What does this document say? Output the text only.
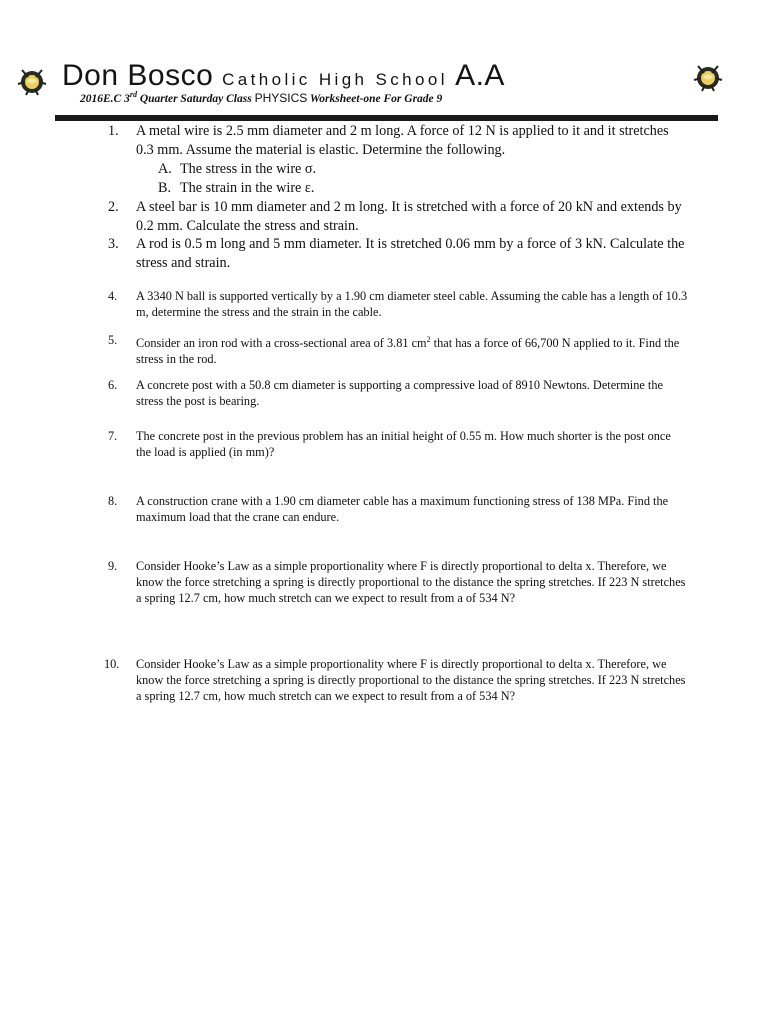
Don Bosco Catholic High School A.A
2016E.C 3rd Quarter Saturday Class PHYSICS Worksheet-one For Grade 9
1.	A metal wire is 2.5 mm diameter and 2 m long. A force of 12 N is applied to it and it stretches 0.3 mm. Assume the material is elastic. Determine the following.
A. The stress in the wire σ.
B. The strain in the wire ε.
2.	A steel bar is 10 mm diameter and 2 m long. It is stretched with a force of 20 kN and extends by 0.2 mm. Calculate the stress and strain.
3.	A rod is 0.5 m long and 5 mm diameter. It is stretched 0.06 mm by a force of 3 kN. Calculate the stress and strain.
4.	A 3340 N ball is supported vertically by a 1.90 cm diameter steel cable. Assuming the cable has a length of 10.3 m, determine the stress and the strain in the cable.
5.	Consider an iron rod with a cross-sectional area of 3.81 $cm^2$ that has a force of 66,700 N applied to it. Find the stress in the rod.
6.	A concrete post with a 50.8 cm diameter is supporting a compressive load of 8910 Newtons. Determine the stress the post is bearing.
7.	The concrete post in the previous problem has an initial height of 0.55 m. How much shorter is the post once the load is applied (in mm)?
8.	A construction crane with a 1.90 cm diameter cable has a maximum functioning stress of 138 MPa. Find the maximum load that the crane can endure.
9.	Consider Hooke’s Law as a simple proportionality where F is directly proportional to delta x. Therefore, we know the force stretching a spring is directly proportional to the distance the spring stretches. If 223 N stretches a spring 12.7 cm, how much stretch can we expect to result from a of 534 N?
10.	Consider Hooke’s Law as a simple proportionality where F is directly proportional to delta x. Therefore, we know the force stretching a spring is directly proportional to the distance the spring stretches. If 223 N stretches a spring 12.7 cm, how much stretch can we expect to result from a of 534 N?
